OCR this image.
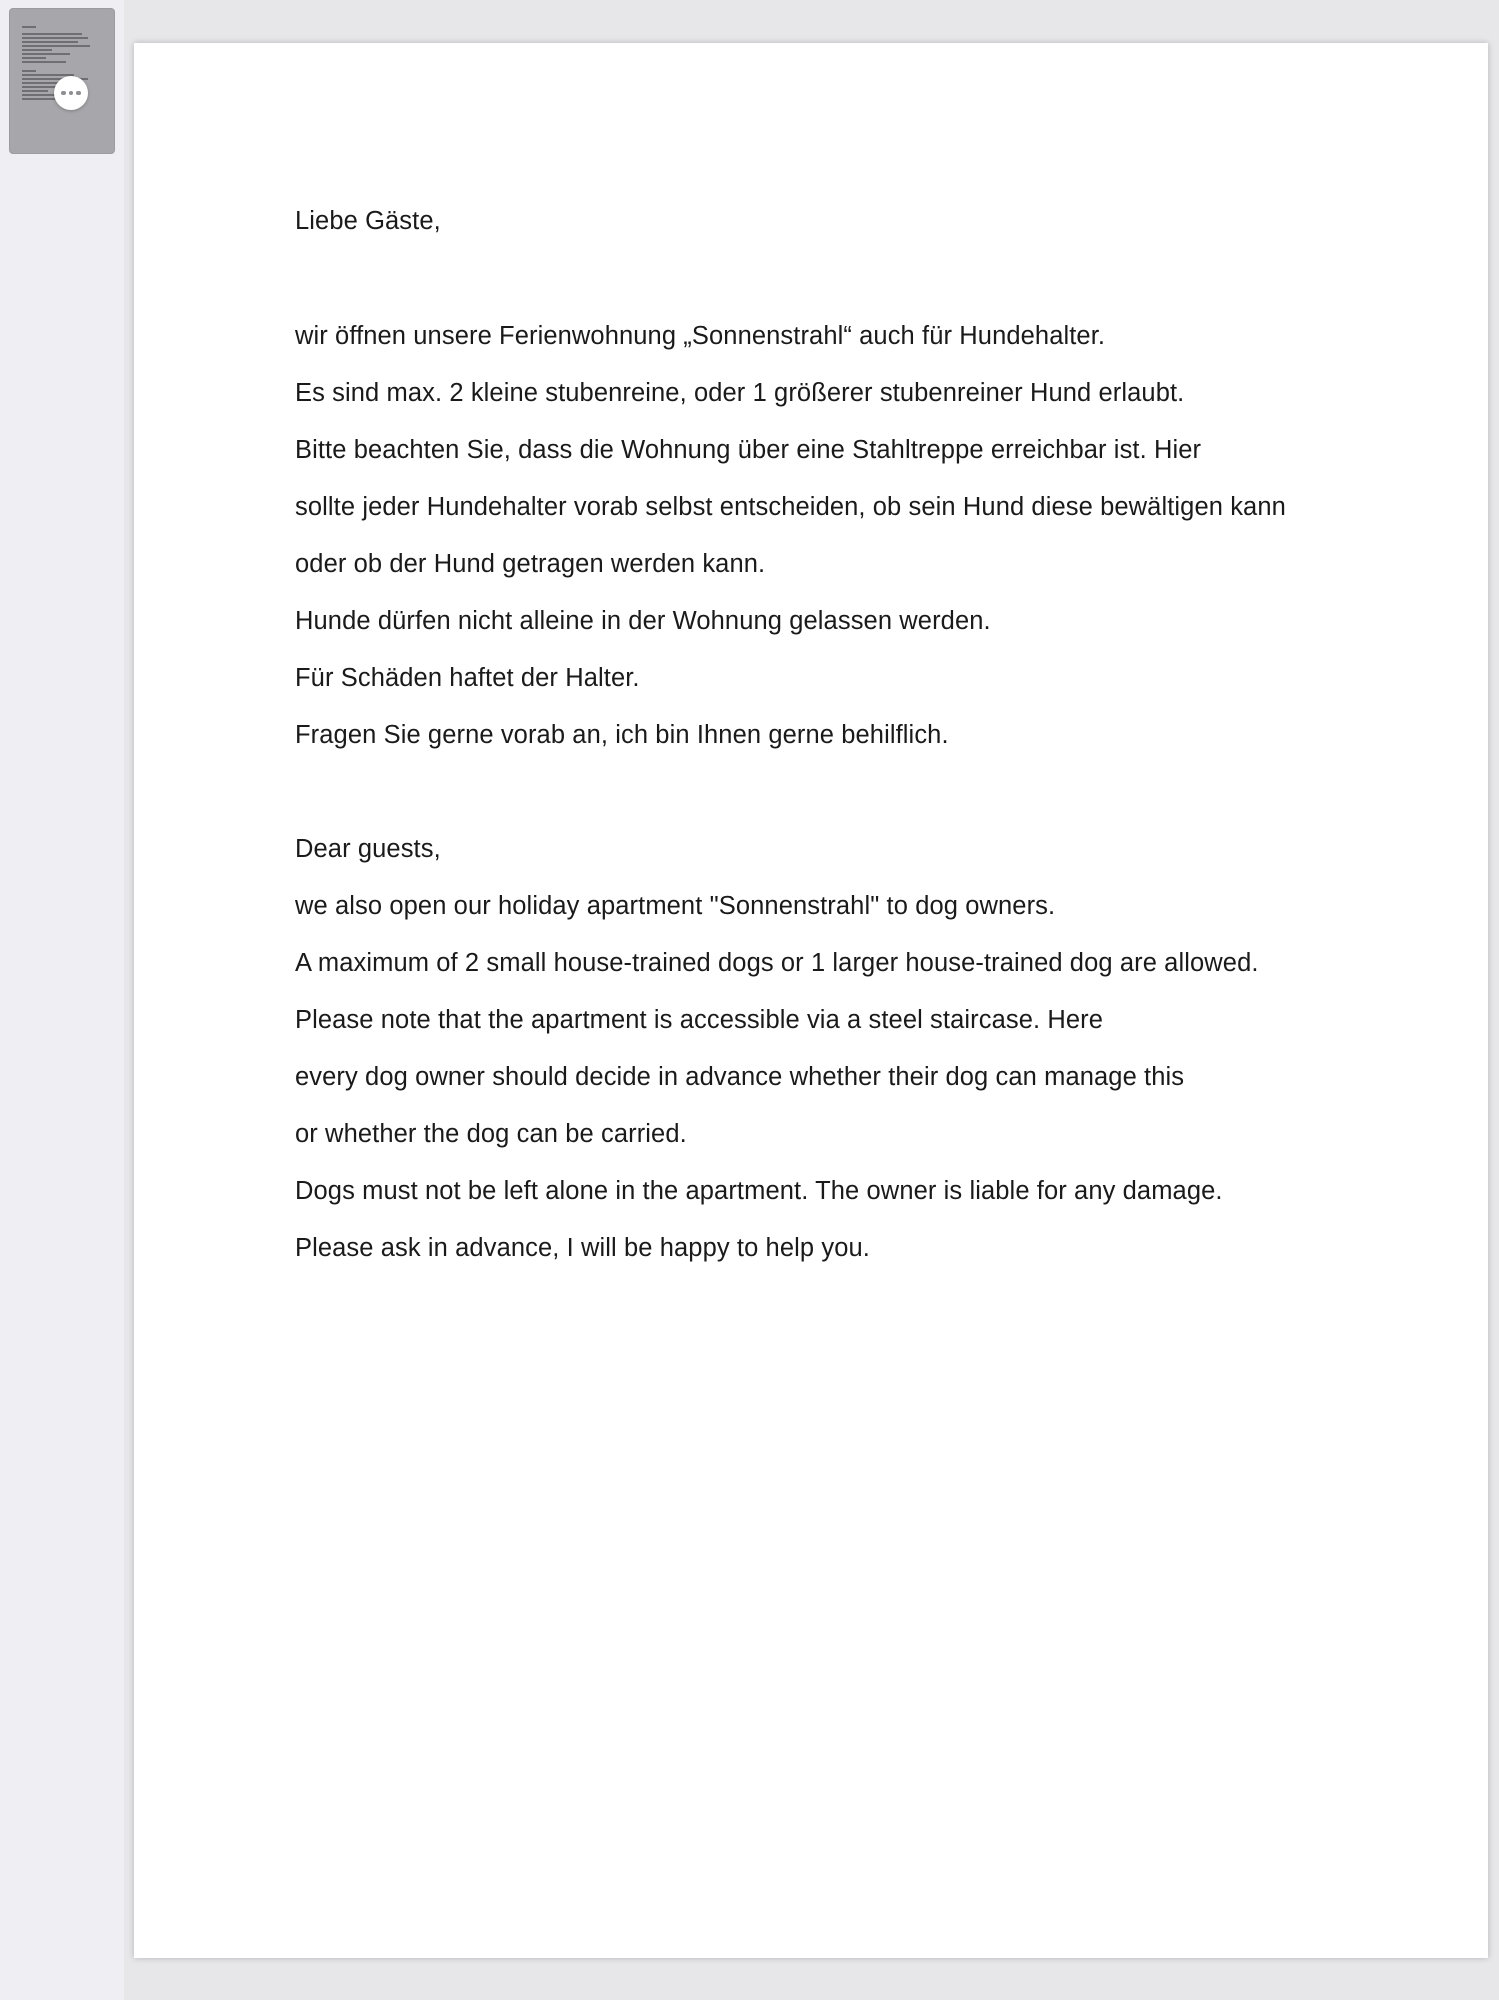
Liebe Gäste,
wir öffnen unsere Ferienwohnung „Sonnenstrahl“ auch für Hundehalter.
Es sind max. 2 kleine stubenreine, oder 1 größerer stubenreiner Hund erlaubt.
Bitte beachten Sie, dass die Wohnung über eine Stahltreppe erreichbar ist. Hier
sollte jeder Hundehalter vorab selbst entscheiden, ob sein Hund diese bewältigen kann
oder ob der Hund getragen werden kann.
Hunde dürfen nicht alleine in der Wohnung gelassen werden.
Für Schäden haftet der Halter.
Fragen Sie gerne vorab an, ich bin Ihnen gerne behilflich.
Dear guests,
we also open our holiday apartment "Sonnenstrahl" to dog owners.
A maximum of 2 small house-trained dogs or 1 larger house-trained dog are allowed.
Please note that the apartment is accessible via a steel staircase. Here
every dog owner should decide in advance whether their dog can manage this
or whether the dog can be carried.
Dogs must not be left alone in the apartment. The owner is liable for any damage.
Please ask in advance, I will be happy to help you.
